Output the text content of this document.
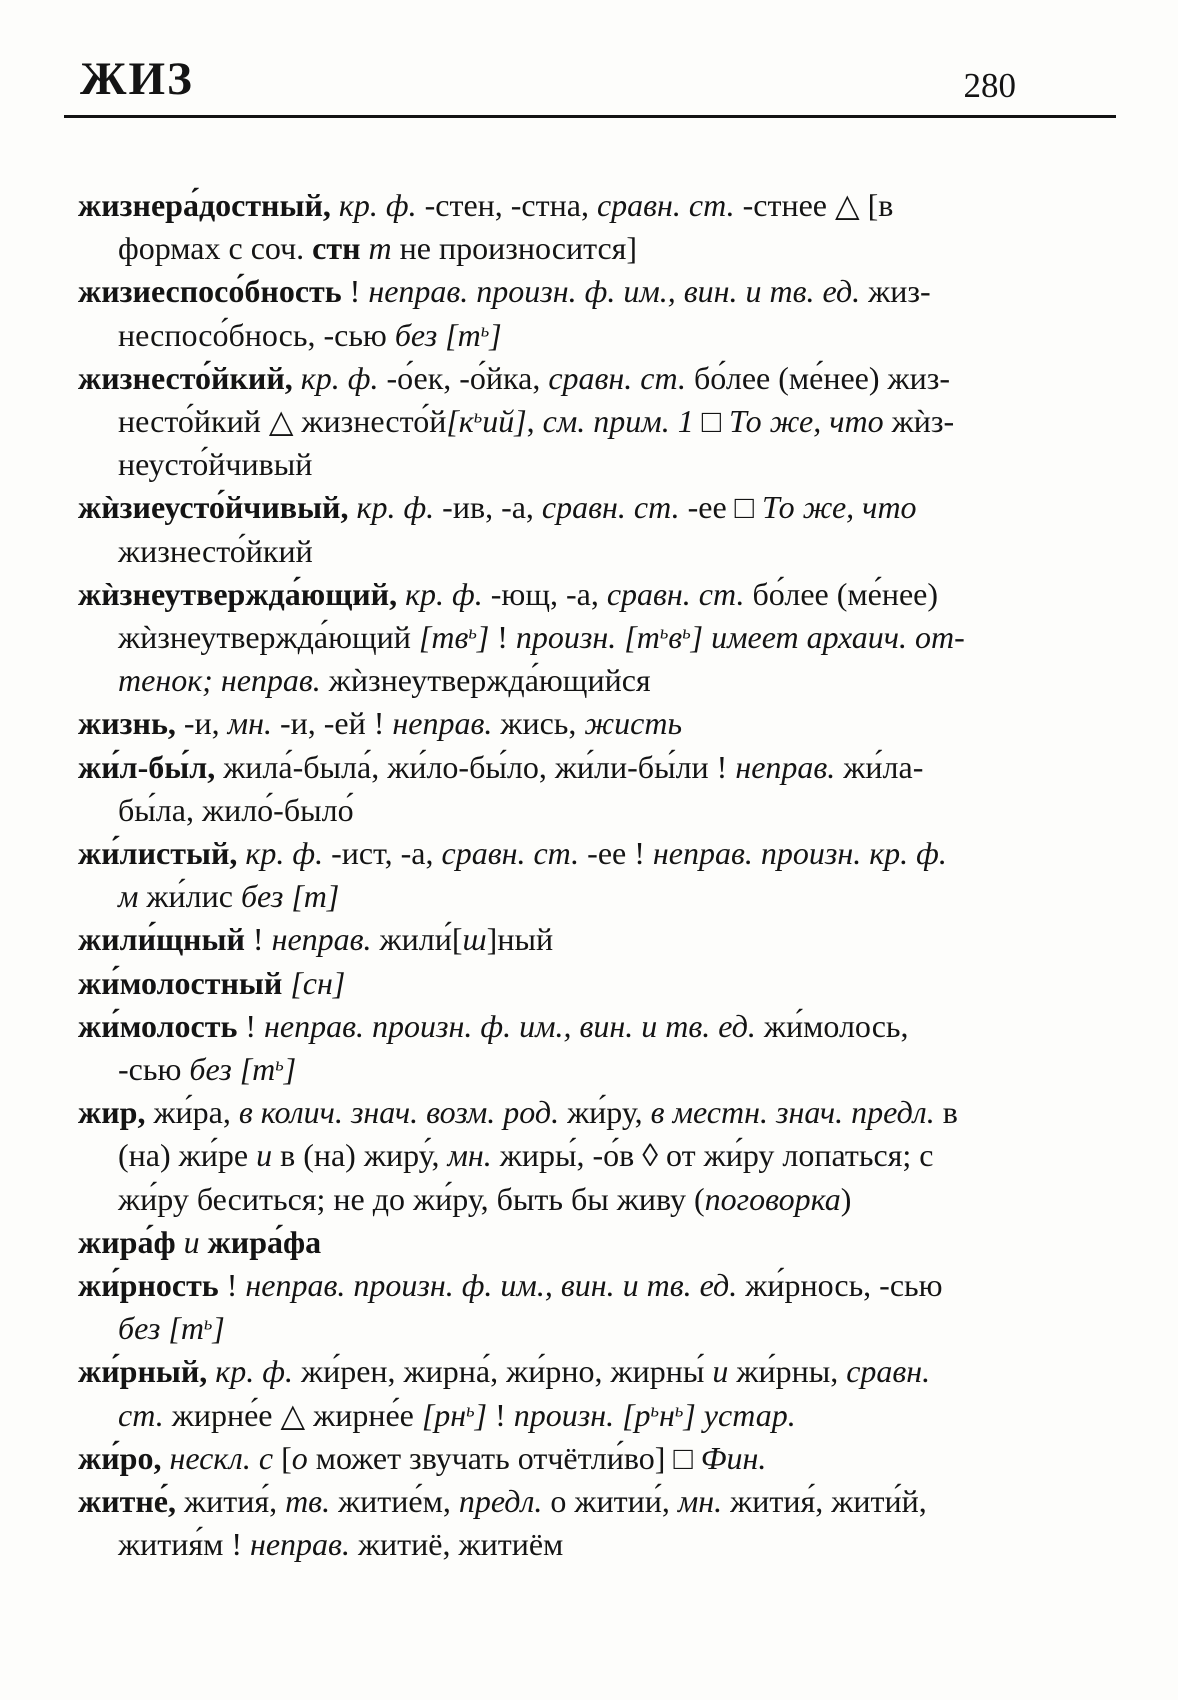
ЖИЗ	280

жизнера́достный, кр. ф. -стен, -стна, сравн. ст. -стнее △ [в
формах с соч. стн т не произносится]

жизиеспосо́бность ! неправ. произн. ф. им., вин. и тв. ед. жиз-
неспосо́бнось, -сью без $[т^ь]$

жизнесто́йкий, кр. ф. -о́ек, -о́йка, сравн. ст. бо́лее (ме́нее) жиз-
несто́йкий △ $жизнесто́й[к^ьий]$, см. прим. 1 □ То же, что жѝз-
неусто́йчивый

жѝзиеусто́йчивый, кр. ф. -ив, -а, сравн. ст. -ее □ То же, что
жизнесто́йкий

жѝзнеутвержда́ющий, кр. ф. -ющ, -а, сравн. ст. бо́лее (ме́нее)
жѝзнеутвержда́ющий $[тв^ь]$ ! произн. $[т^ьв^ь]$ имеет архаич. от-
тенок; неправ. жѝзнеутвержда́ющийся

жизнь, -и, мн. -и, -ей ! неправ. жись, жисть

жи́л-бы́л, жила́-была́, жи́ло-бы́ло, жи́ли-бы́ли ! неправ. жи́ла-
бы́ла, жило́-было́

жи́листый, кр. ф. -ист, -а, сравн. ст. -ее ! неправ. произн. кр. ф.
м жи́лис без [т]

жили́щный ! неправ. жили́[ш]ный

жи́молостный [сн]

жи́молость ! неправ. произн. ф. им., вин. и тв. ед. жи́молось,
-сью без $[т^ь]$

жир, жи́ра, в колич. знач. возм. род. жи́ру, в местн. знач. предл. в
(на) жи́ре и в (на) жиру́, мн. жиры́, -о́в ◊ от жи́ру лопаться; с
жи́ру беситься; не до жи́ру, быть бы живу (поговорка)

жира́ф и жира́фа

жи́рность ! неправ. произн. ф. им., вин. и тв. ед. жи́рнось, -сью
без $[т^ь]$

жи́рный, кр. ф. жи́рен, жирна́, жи́рно, жирны́ и жи́рны, сравн.
ст. жирне́е △ жирне́е $[рн^ь]$ ! произн. $[р^ьн^ь]$ устар.

жи́ро, нескл. с [о может звучать отчётли́во] □ Фин.

житне́, жития́, тв. житие́м, предл. о житии́, мн. жития́, жити́й,
жития́м ! неправ. житиё, житиём
